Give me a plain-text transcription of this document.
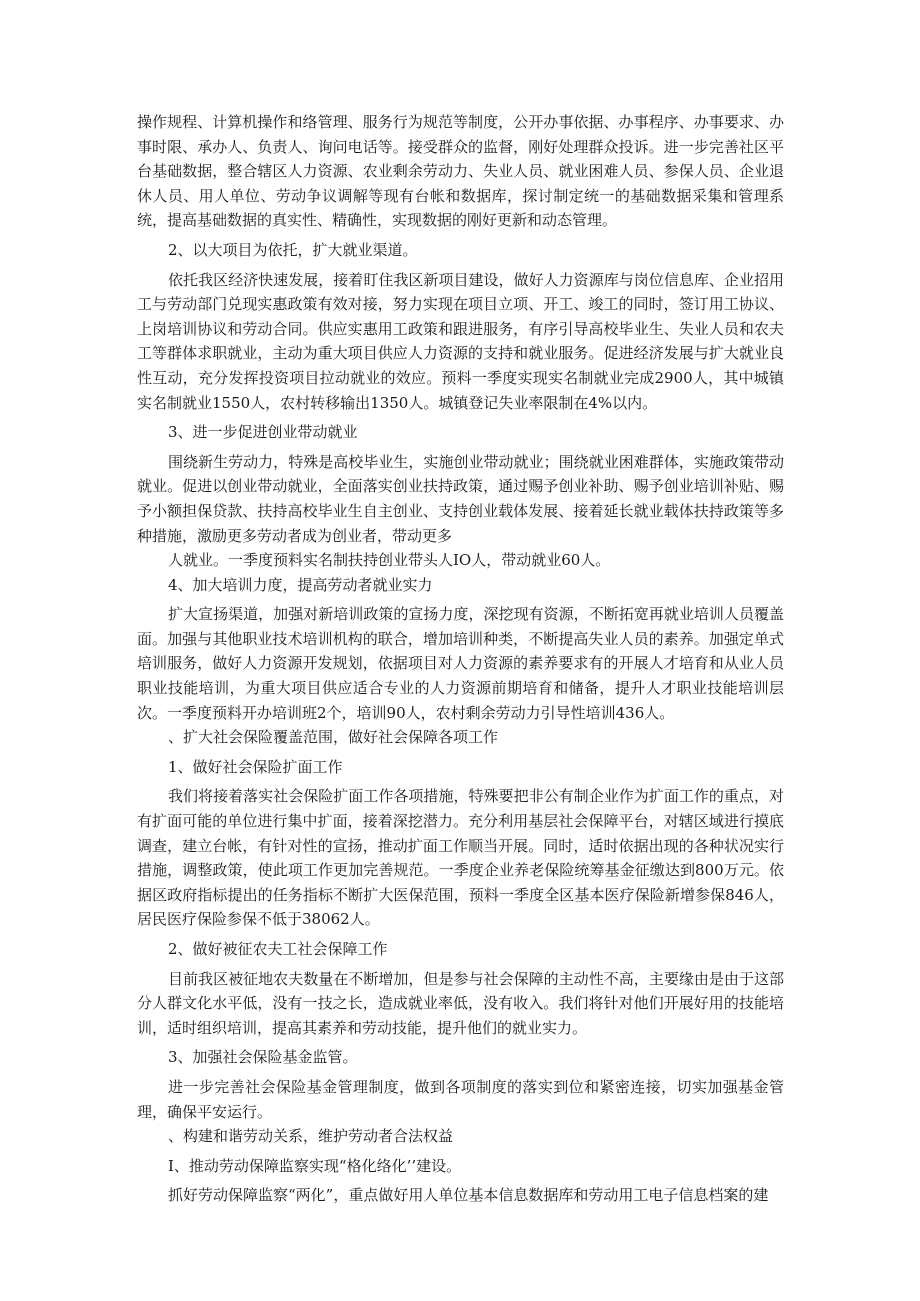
操作规程、计算机操作和络管理、服务行为规范等制度，公开办事依据、办事程序、办事要求、办事时限、承办人、负责人、询问电话等。接受群众的监督，刚好处理群众投诉。进一步完善社区平台基础数据，整合辖区人力资源、农业剩余劳动力、失业人员、就业困难人员、参保人员、企业退休人员、用人单位、劳动争议调解等现有台帐和数据库，探讨制定统一的基础数据采集和管理系统，提高基础数据的真实性、精确性，实现数据的刚好更新和动态管理。

2、以大项目为依托，扩大就业渠道。

依托我区经济快速发展，接着盯住我区新项目建设，做好人力资源库与岗位信息库、企业招用工与劳动部门兑现实惠政策有效对接，努力实现在项目立项、开工、竣工的同时，签订用工协议、上岗培训协议和劳动合同。供应实惠用工政策和跟进服务，有序引导高校毕业生、失业人员和农夫工等群体求职就业，主动为重大项目供应人力资源的支持和就业服务。促进经济发展与扩大就业良性互动，充分发挥投资项目拉动就业的效应。预料一季度实现实名制就业完成2900人，其中城镇实名制就业1550人，农村转移输出1350人。城镇登记失业率限制在4%以内。

3、进一步促进创业带动就业

围绕新生劳动力，特殊是高校毕业生，实施创业带动就业；围绕就业困难群体，实施政策带动就业。促进以创业带动就业，全面落实创业扶持政策，通过赐予创业补助、赐予创业培训补贴、赐予小额担保贷款、扶持高校毕业生自主创业、支持创业载体发展、接着延长就业载体扶持政策等多种措施，激励更多劳动者成为创业者，带动更多

人就业。一季度预料实名制扶持创业带头人IO人，带动就业60人。

4、加大培训力度，提高劳动者就业实力

扩大宣扬渠道，加强对新培训政策的宣扬力度，深挖现有资源，不断拓宽再就业培训人员覆盖面。加强与其他职业技术培训机构的联合，增加培训种类，不断提高失业人员的素养。加强定单式培训服务，做好人力资源开发规划，依据项目对人力资源的素养要求有的开展人才培育和从业人员职业技能培训，为重大项目供应适合专业的人力资源前期培育和储备，提升人才职业技能培训层次。一季度预料开办培训班2个，培训90人，农村剩余劳动力引导性培训436人。

、扩大社会保险覆盖范围，做好社会保障各项工作

1、做好社会保险扩面工作

我们将接着落实社会保险扩面工作各项措施，特殊要把非公有制企业作为扩面工作的重点，对有扩面可能的单位进行集中扩面，接着深挖潜力。充分利用基层社会保障平台，对辖区域进行摸底调查，建立台帐，有针对性的宣扬，推动扩面工作顺当开展。同时，适时依据出现的各种状况实行措施，调整政策，使此项工作更加完善规范。一季度企业养老保险统筹基金征缴达到800万元。依据区政府指标提出的任务指标不断扩大医保范围，预料一季度全区基本医疗保险新增参保846人，居民医疗保险参保不低于38062人。

2、做好被征农夫工社会保障工作

目前我区被征地农夫数量在不断增加，但是参与社会保障的主动性不高，主要缘由是由于这部分人群文化水平低，没有一技之长，造成就业率低，没有收入。我们将针对他们开展好用的技能培训，适时组织培训，提高其素养和劳动技能，提升他们的就业实力。

3、加强社会保险基金监管。

进一步完善社会保险基金管理制度，做到各项制度的落实到位和紧密连接，切实加强基金管理，确保平安运行。

、构建和谐劳动关系，维护劳动者合法权益

I、推动劳动保障监察实现“格化络化’’建设。

抓好劳动保障监察“两化”，重点做好用人单位基本信息数据库和劳动用工电子信息档案的建
